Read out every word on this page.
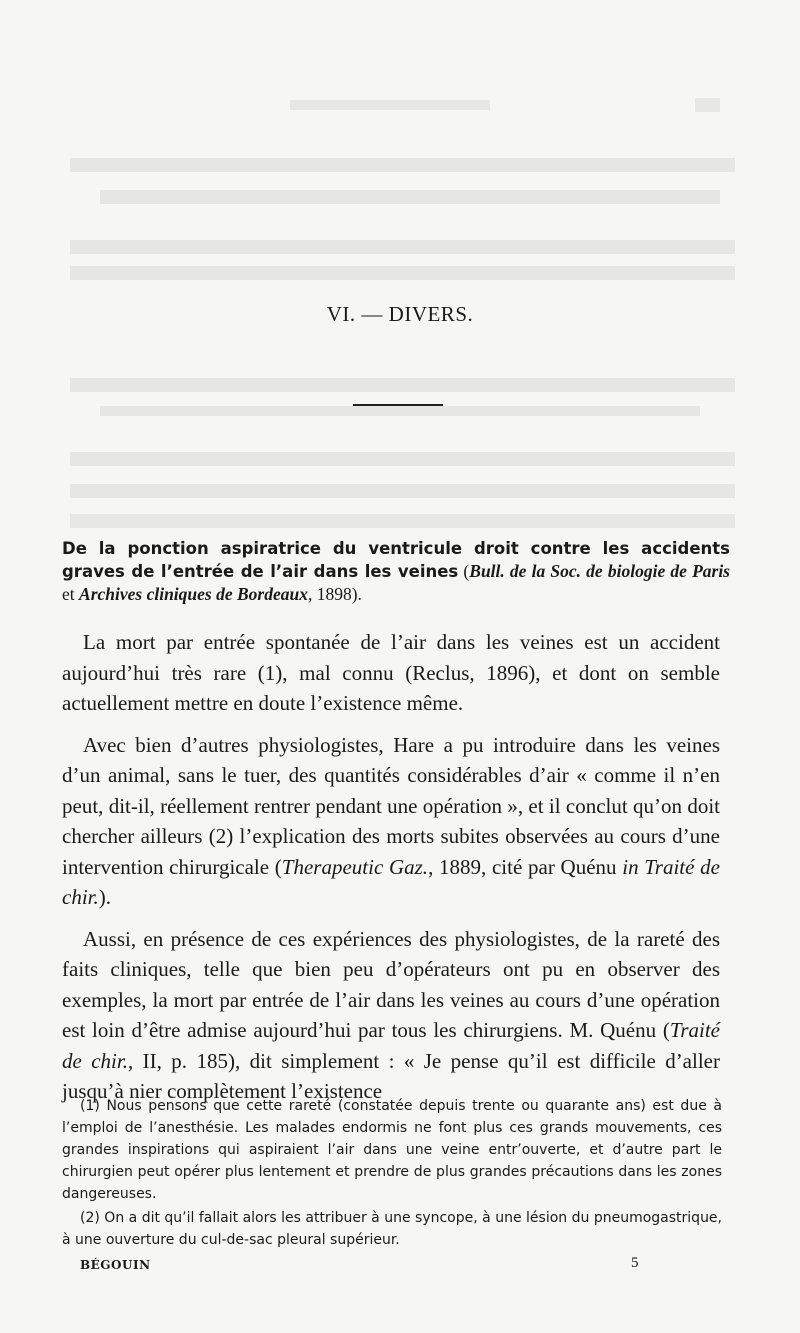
VI. — DIVERS.
De la ponction aspiratrice du ventricule droit contre les accidents graves de l’entrée de l’air dans les veines (Bull. de la Soc. de biologie de Paris et Archives cliniques de Bordeaux, 1898).

La mort par entrée spontanée de l’air dans les veines est un accident aujourd’hui très rare (1), mal connu (Reclus, 1896), et dont on semble actuellement mettre en doute l’existence même.

Avec bien d’autres physiologistes, Hare a pu introduire dans les veines d’un animal, sans le tuer, des quantités considérables d’air « comme il n’en peut, dit-il, réellement rentrer pendant une opération », et il conclut qu’on doit chercher ailleurs (2) l’explication des morts subites observées au cours d’une intervention chirurgicale (Therapeutic Gaz., 1889, cité par Quénu in Traité de chir.).

Aussi, en présence de ces expériences des physiologistes, de la rareté des faits cliniques, telle que bien peu d’opérateurs ont pu en observer des exemples, la mort par entrée de l’air dans les veines au cours d’une opération est loin d’être admise aujourd’hui par tous les chirurgiens. M. Quénu (Traité de chir., II, p. 185), dit simplement : « Je pense qu’il est difficile d’aller jusqu’à nier complètement l’existence

(1) Nous pensons que cette rareté (constatée depuis trente ou quarante ans) est due à l’emploi de l’anesthésie. Les malades endormis ne font plus ces grands mouvements, ces grandes inspirations qui aspiraient l’air dans une veine entr’ouverte, et d’autre part le chirurgien peut opérer plus lentement et prendre de plus grandes précautions dans les zones dangereuses.

(2) On a dit qu’il fallait alors les attribuer à une syncope, à une lésion du pneumogastrique, à une ouverture du cul-de-sac pleural supérieur.

BÉGOUIN	5
